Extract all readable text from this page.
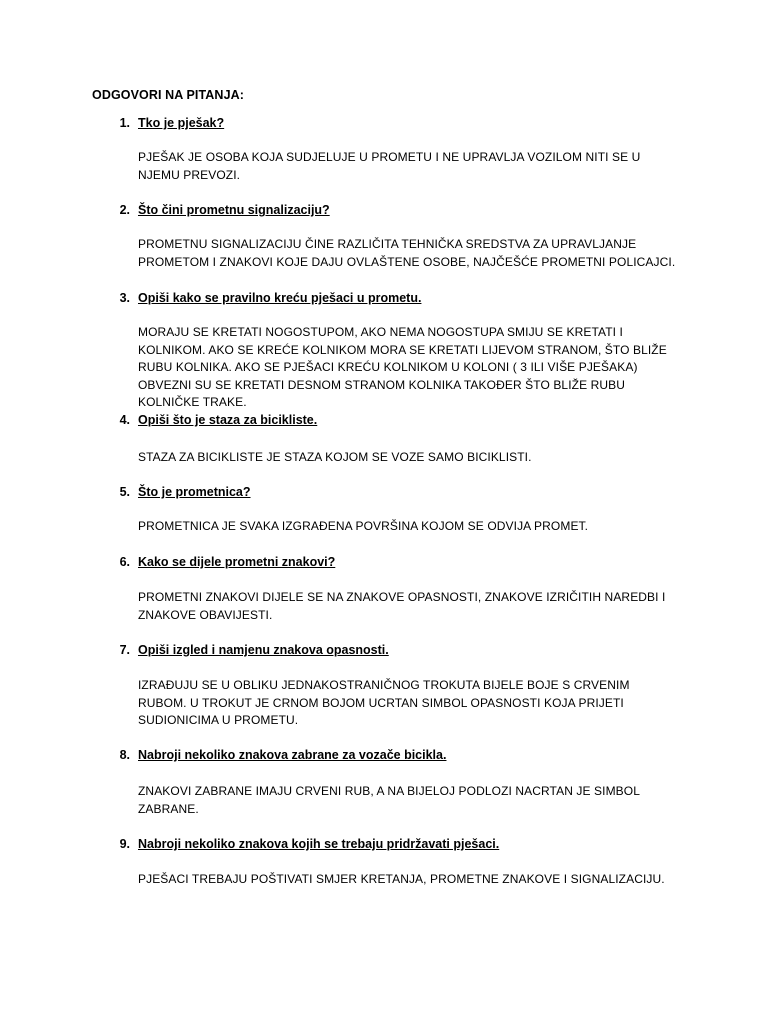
ODGOVORI NA PITANJA:
1. Tko je pješak?
PJEŠAK JE OSOBA KOJA SUDJELUJE U PROMETU I NE UPRAVLJA VOZILOM NITI SE U NJEMU PREVOZI.
2. Što čini prometnu signalizaciju?
PROMETNU SIGNALIZACIJU ČINE RAZLIČITA TEHNIČKA SREDSTVA ZA UPRAVLJANJE PROMETOM I ZNAKOVI KOJE DAJU OVLAŠTENE OSOBE, NAJČEŠĆE PROMETNI POLICAJCI.
3. Opiši kako se pravilno kreću pješaci u prometu.
MORAJU SE KRETATI NOGOSTUPOM, AKO NEMA NOGOSTUPA SMIJU SE KRETATI I KOLNIKOM. AKO SE KREĆE KOLNIKOM MORA SE KRETATI LIJEVOM STRANOM, ŠTO BLIŽE RUBU KOLNIKA. AKO SE PJEŠACI KREĆU KOLNIKOM U KOLONI ( 3 ILI VIŠE PJEŠAKA) OBVEZNI SU SE KRETATI DESNOM STRANOM KOLNIKA TAKOĐER ŠTO BLIŽE RUBU KOLNIČKE TRAKE.
4. Opiši što je staza za bicikliste.
STAZA ZA BICIKLISTE JE STAZA KOJOM SE VOZE SAMO BICIKLISTI.
5. Što je prometnica?
PROMETNICA JE SVAKA IZGRAĐENA POVRŠINA KOJOM SE ODVIJA PROMET.
6. Kako se dijele prometni znakovi?
PROMETNI ZNAKOVI DIJELE SE NA ZNAKOVE OPASNOSTI, ZNAKOVE IZRIČITIH NAREDBI I ZNAKOVE OBAVIJESTI.
7. Opiši izgled i namjenu znakova opasnosti.
IZRAĐUJU SE U OBLIKU JEDNAKOSTRANIČNOG TROKUTA BIJELE BOJE S CRVENIM RUBOM. U TROKUT JE CRNOM BOJOM UCRTAN SIMBOL OPASNOSTI KOJA PRIJETI SUDIONICIMA U PROMETU.
8. Nabroji nekoliko znakova zabrane za vozače bicikla.
ZNAKOVI ZABRANE IMAJU CRVENI RUB, A NA BIJELOJ PODLOZI NACRTAN JE SIMBOL ZABRANE.
9. Nabroji nekoliko znakova kojih se trebaju pridržavati pješaci.
PJEŠACI TREBAJU POŠTIVATI SMJER KRETANJA, PROMETNE ZNAKOVE I SIGNALIZACIJU.
